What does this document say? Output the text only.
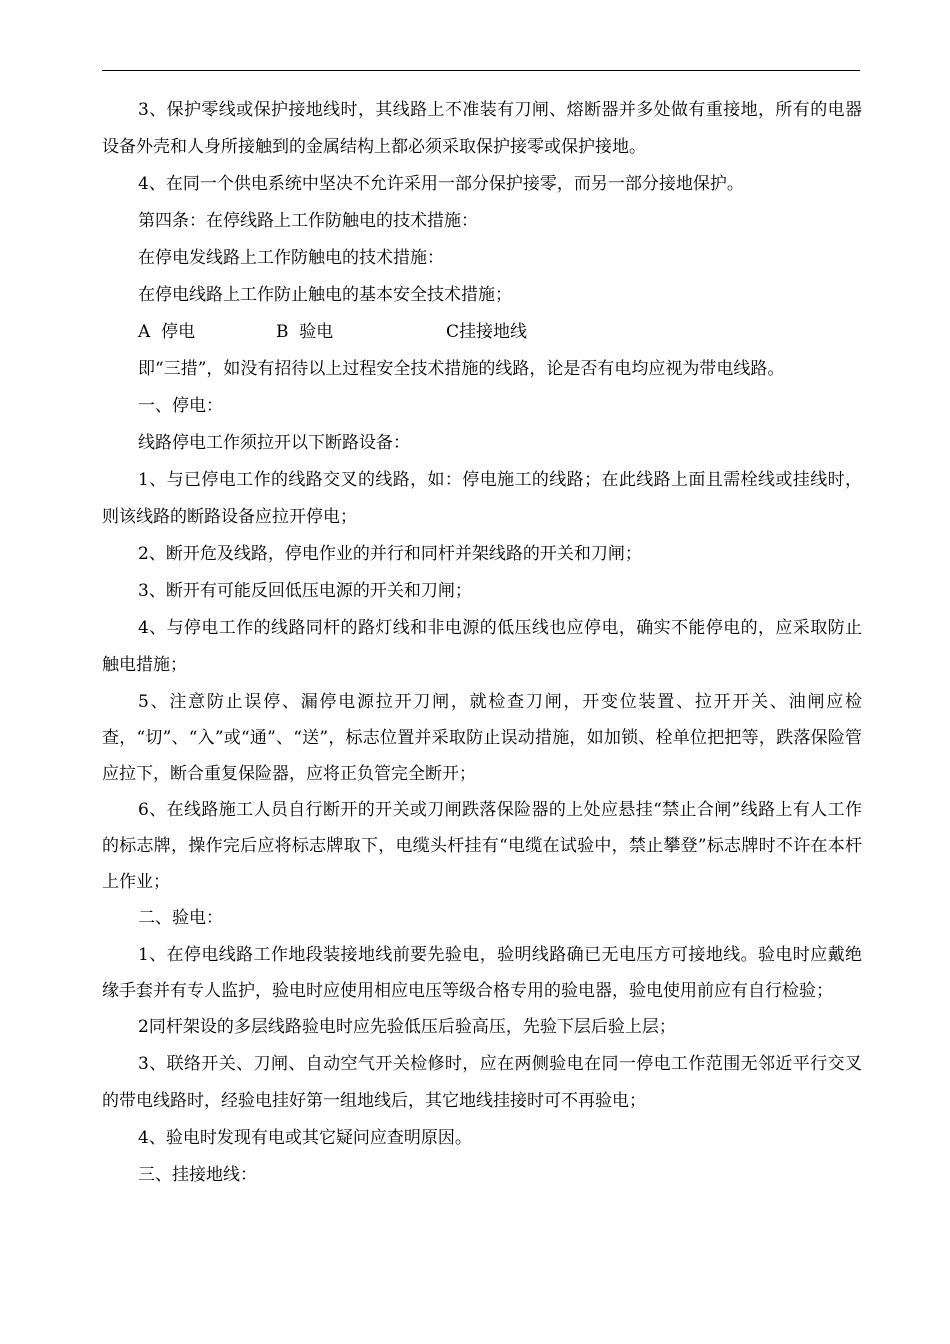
3、保护零线或保护接地线时，其线路上不准装有刀闸、熔断器并多处做有重接地，所有的电器设备外壳和人身所接触到的金属结构上都必须采取保护接零或保护接地。

4、在同一个供电系统中坚决不允许采用一部分保护接零，而另一部分接地保护。

第四条：在停线路上工作防触电的技术措施：

在停电发线路上工作防触电的技术措施：

在停电线路上工作防止触电的基本安全技术措施；

A  停电	B  验电	C挂接地线

即“三措”，如没有招待以上过程安全技术措施的线路，论是否有电均应视为带电线路。

一、停电：

线路停电工作须拉开以下断路设备：

1、与已停电工作的线路交叉的线路，如：停电施工的线路；在此线路上面且需栓线或挂线时，则该线路的断路设备应拉开停电；

2、断开危及线路，停电作业的并行和同杆并架线路的开关和刀闸；

3、断开有可能反回低压电源的开关和刀闸；

4、与停电工作的线路同杆的路灯线和非电源的低压线也应停电，确实不能停电的，应采取防止触电措施；

5、注意防止误停、漏停电源拉开刀闸，就检查刀闸，开变位装置、拉开开关、油闸应检查，“切”、“入”或“通”、“送”，标志位置并采取防止误动措施，如加锁、栓单位把把等，跌落保险管应拉下，断合重复保险器，应将正负管完全断开；

6、在线路施工人员自行断开的开关或刀闸跌落保险器的上处应悬挂“禁止合闸”线路上有人工作的标志牌，操作完后应将标志牌取下，电缆头杆挂有“电缆在试验中，禁止攀登”标志牌时不许在本杆上作业；

二、验电：

1、在停电线路工作地段装接地线前要先验电，验明线路确已无电压方可接地线。验电时应戴绝缘手套并有专人监护，验电时应使用相应电压等级合格专用的验电器，验电使用前应有自行检验；

2同杆架设的多层线路验电时应先验低压后验高压，先验下层后验上层；

3、联络开关、刀闸、自动空气开关检修时，应在两侧验电在同一停电工作范围无邻近平行交叉的带电线路时，经验电挂好第一组地线后，其它地线挂接时可不再验电；

4、验电时发现有电或其它疑问应查明原因。

三、挂接地线：
